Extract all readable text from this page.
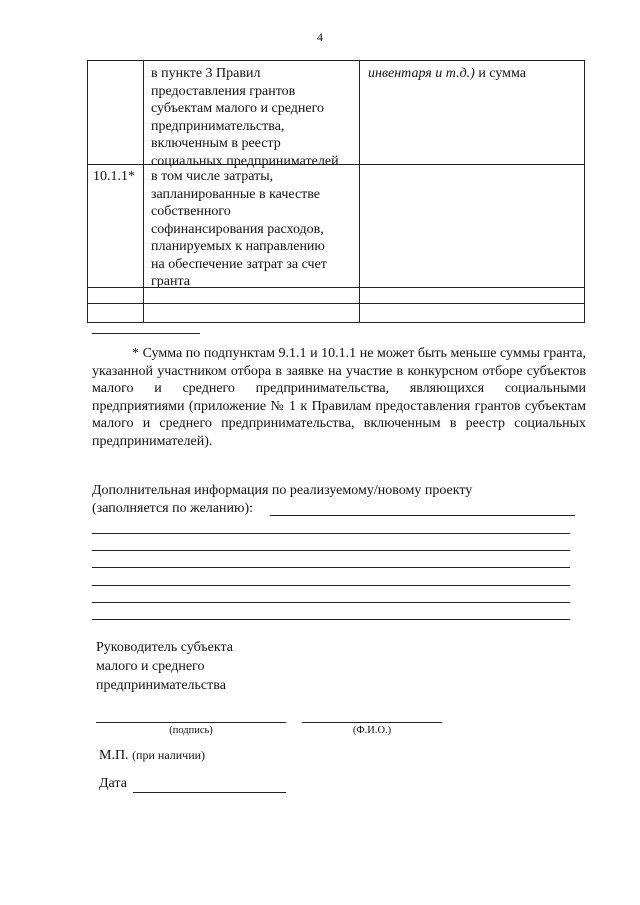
4

в пункте 3 Правил

предоставления грантов

субъектам малого и среднего

предпринимательства,

включенным в реестр

социальных предпринимателей

инвентаря и т.д.) и сумма
10.1.1* в том числе затраты,

запланированные в качестве

собственного

софинансирования расходов,

планируемых к направлению

на обеспечение затрат за счет

гранта

* Сумма по подпунктам 9.1.1 и 10.1.1 не может быть меньше суммы гранта, указанной участником отбора в заявке на участие в конкурсном отборе субъектов малого и среднего предпринимательства, являющихся социальными предприятиями (приложение № 1 к Правилам предоставления грантов субъектам малого и среднего предпринимательства, включенным в реестр социальных предпринимателей).

Дополнительная информация по реализуемому/новому проекту
(заполняется по желанию):
Руководитель субъекта
малого и среднего
предпринимательства
(подпись)	(Ф.И.О.)
М.П. (при наличии)
Дата
